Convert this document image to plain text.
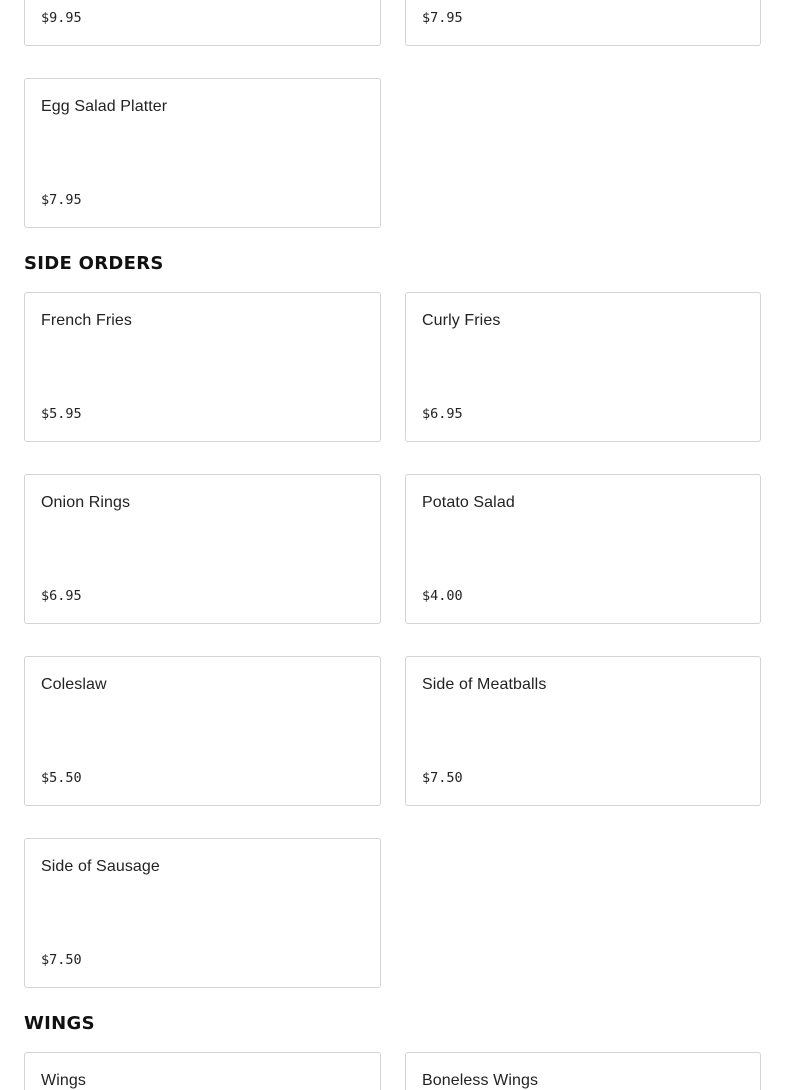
$9.95	$7.95
Egg Salad Platter
$7.95
SIDE ORDERS
French Fries
$5.95
Curly Fries
$6.95
Onion Rings
$6.95
Potato Salad
$4.00
Coleslaw
$5.50
Side of Meatballs
$7.50
Side of Sausage
$7.50
WINGS
Wings	Boneless Wings
